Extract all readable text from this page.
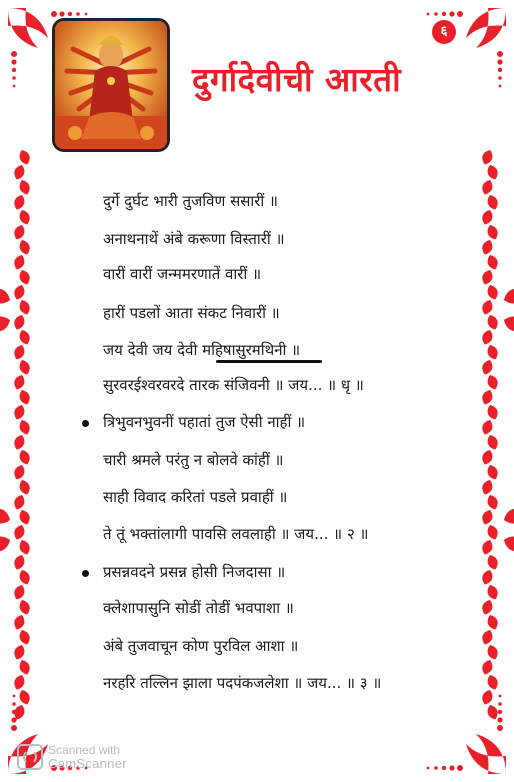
दुर्गादेवीची आरती
६
दुर्गे दुर्घट भारी तुजविण ससारीं ॥
अनाथनाथें अंबे करूणा विस्तारीं ॥
वारीं वारीं जन्ममरणातें वारीं ॥
हारीं पडलों आता संकट निवारीं ॥
जय देवी जय देवी महिषासुरमथिनी ॥
सुरवरईश्वरवरदे तारक संजिवनी ॥ जय... ॥ धृ ॥
त्रिभुवनभुवनीं पहातां तुज ऐसी नाहीं ॥
चारी श्रमले परंतु न बोलवे कांहीं ॥
साही विवाद करितां पडले प्रवाहीं ॥
ते तूं भक्तांलागी पावसि लवलाही ॥ जय... ॥ २ ॥
प्रसन्नवदने प्रसन्न होसी निजदासा ॥
क्लेशापासुनि सोडीं तोडीं भवपाशा ॥
अंबे तुजवाचून कोण पुरविल आशा ॥
नरहरि तल्लिन झाला पदपंकजलेशा ॥ जय... ॥ ३ ॥
Scanned with
CamScanner
